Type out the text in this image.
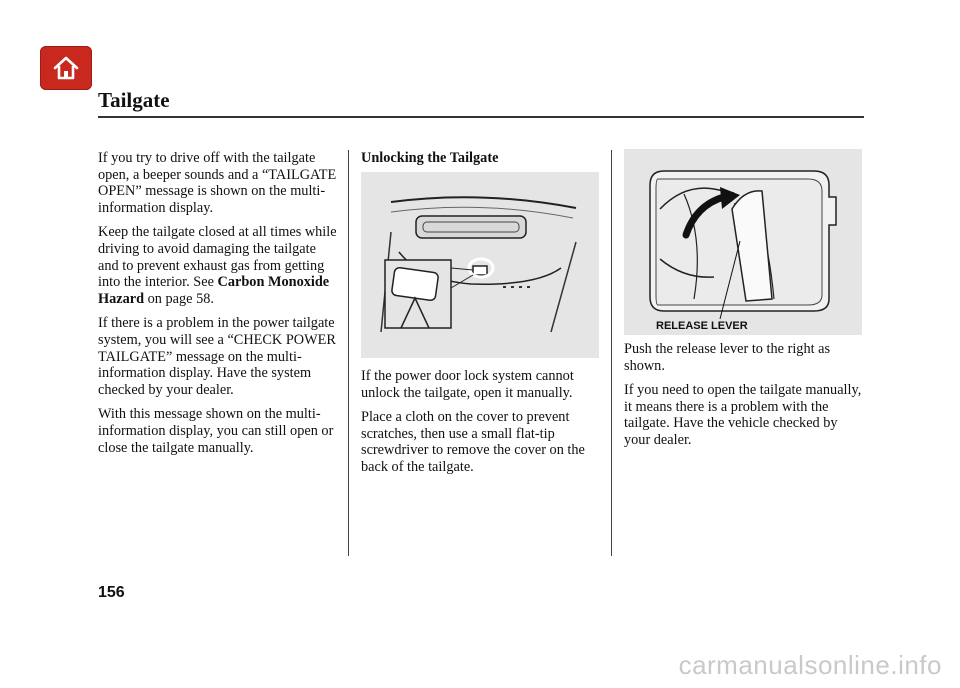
Tailgate

If you try to drive off with the tailgate open, a beeper sounds and a “TAILGATE OPEN” message is shown on the multi-information display.

Keep the tailgate closed at all times while driving to avoid damaging the tailgate and to prevent exhaust gas from getting into the interior. See Carbon Monoxide Hazard on page 58.

If there is a problem in the power tailgate system, you will see a “CHECK POWER TAILGATE” message on the multi-information display. Have the system checked by your dealer.

With this message shown on the multi-information display, you can still open or close the tailgate manually.

Unlocking the Tailgate

If the power door lock system cannot unlock the tailgate, open it manually.

Place a cloth on the cover to prevent scratches, then use a small flat-tip screwdriver to remove the cover on the back of the tailgate.

RELEASE LEVER

Push the release lever to the right as shown.

If you need to open the tailgate manually, it means there is a problem with the tailgate. Have the vehicle checked by your dealer.

156
carmanualsonline.info
